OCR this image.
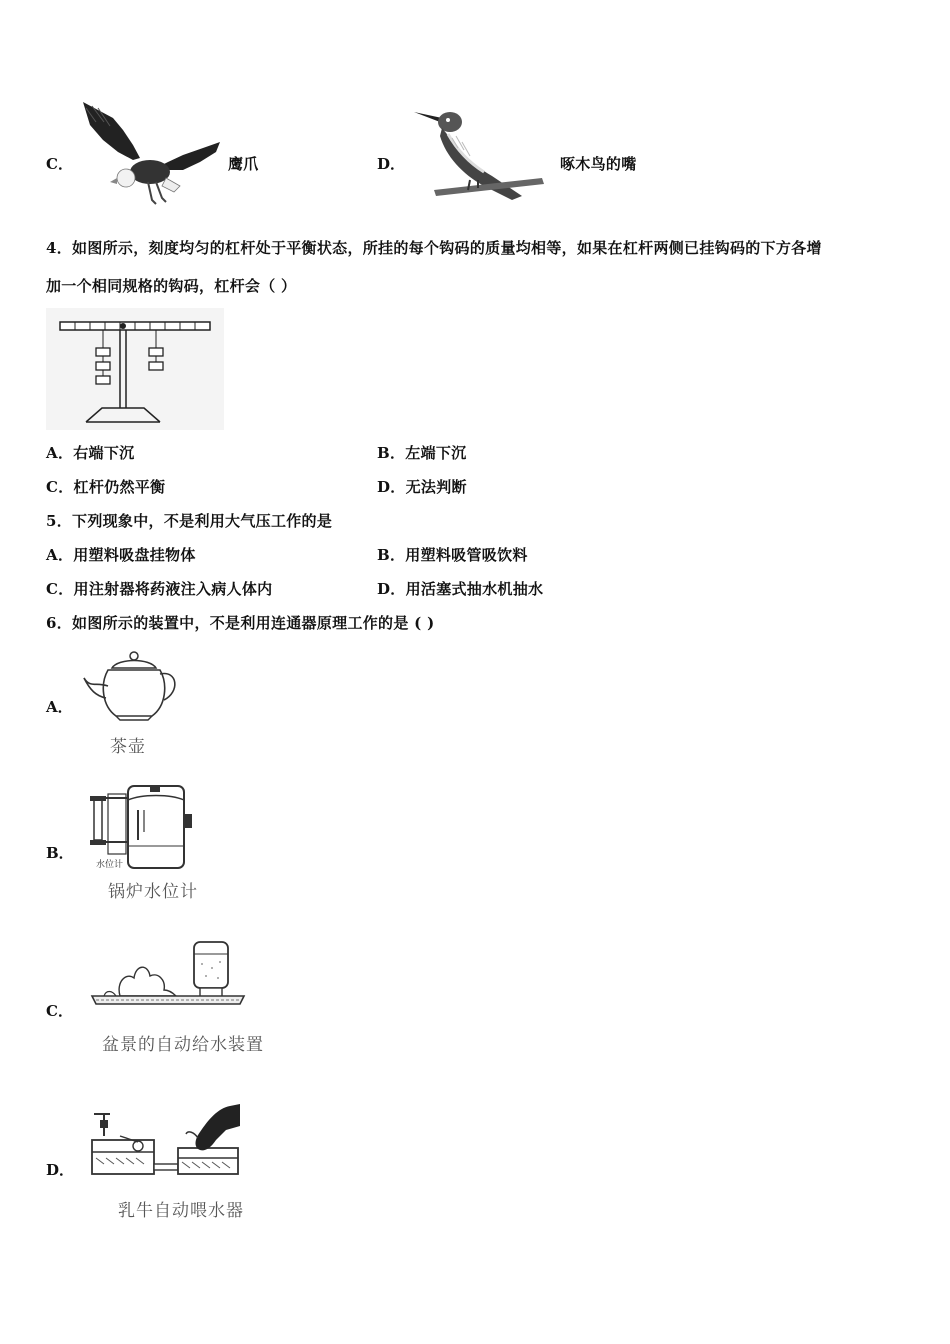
C．	鹰爪	D．	啄木鸟的嘴
4．如图所示，刻度均匀的杠杆处于平衡状态，所挂的每个钩码的质量均相等，如果在杠杆两侧已挂钩码的下方各增
加一个相同规格的钩码，杠杆会（ ）
A．右端下沉	B．左端下沉
C．杠杆仍然平衡	D．无法判断
5．下列现象中，不是利用大气压工作的是
A．用塑料吸盘挂物体	B．用塑料吸管吸饮料
C．用注射器将药液注入病人体内	D．用活塞式抽水机抽水
6．如图所示的装置中，不是利用连通器原理工作的是 ( )
A．
茶壶
B．
水位计
锅炉水位计
C．
盆景的自动给水装置
D．
乳牛自动喂水器
